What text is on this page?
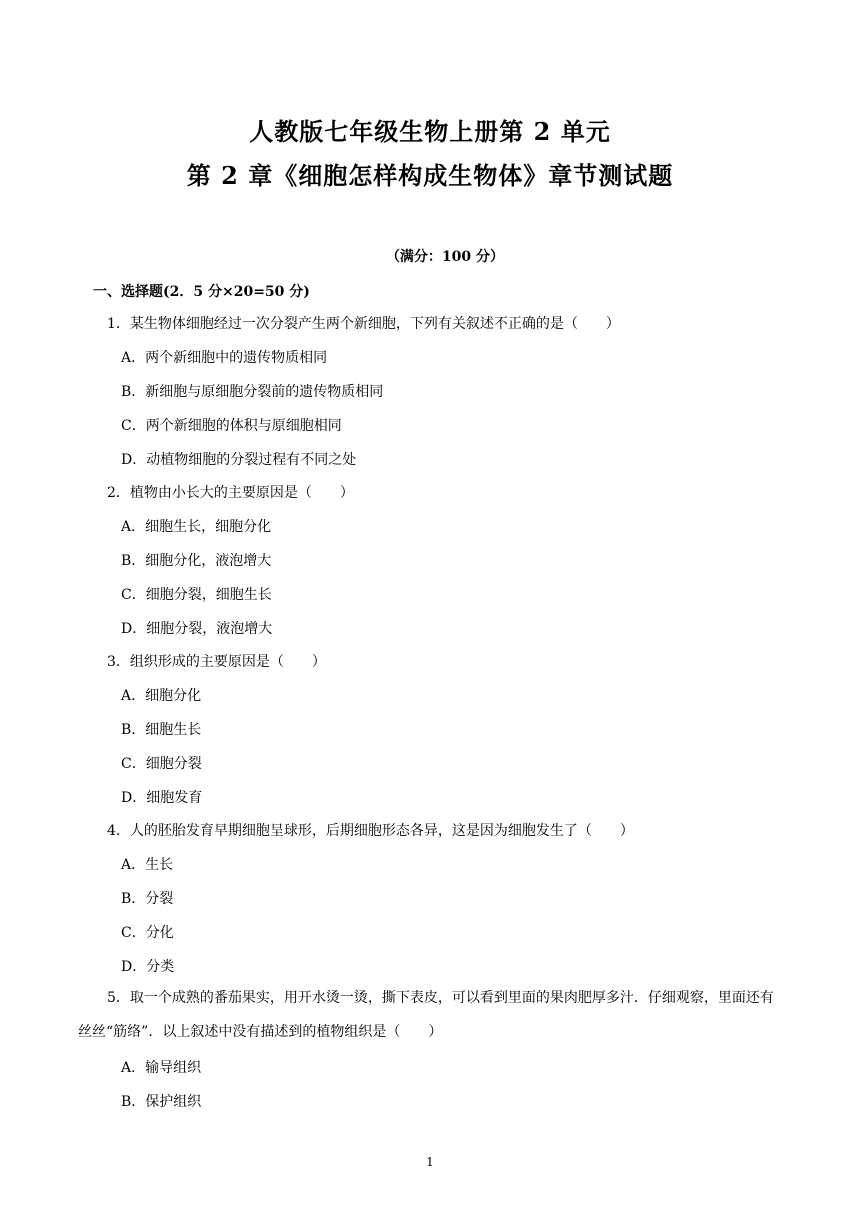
人教版七年级生物上册第 2 单元
第 2 章《细胞怎样构成生物体》章节测试题
（满分：100 分）
一、选择题(2．5 分×20=50 分)
1．某生物体细胞经过一次分裂产生两个新细胞，下列有关叙述不正确的是（　　）
A．两个新细胞中的遗传物质相同
B．新细胞与原细胞分裂前的遗传物质相同
C．两个新细胞的体积与原细胞相同
D．动植物细胞的分裂过程有不同之处
2．植物由小长大的主要原因是（　　）
A．细胞生长，细胞分化
B．细胞分化，液泡增大
C．细胞分裂，细胞生长
D．细胞分裂，液泡增大
3．组织形成的主要原因是（　　）
A．细胞分化
B．细胞生长
C．细胞分裂
D．细胞发育
4．人的胚胎发育早期细胞呈球形，后期细胞形态各异，这是因为细胞发生了（　　）
A．生长
B．分裂
C．分化
D．分类
5．取一个成熟的番茄果实，用开水烫一烫，撕下表皮，可以看到里面的果肉肥厚多汁．仔细观察，里面还有丝丝“筋络”．以上叙述中没有描述到的植物组织是（　　）
A．输导组织
B．保护组织
1
